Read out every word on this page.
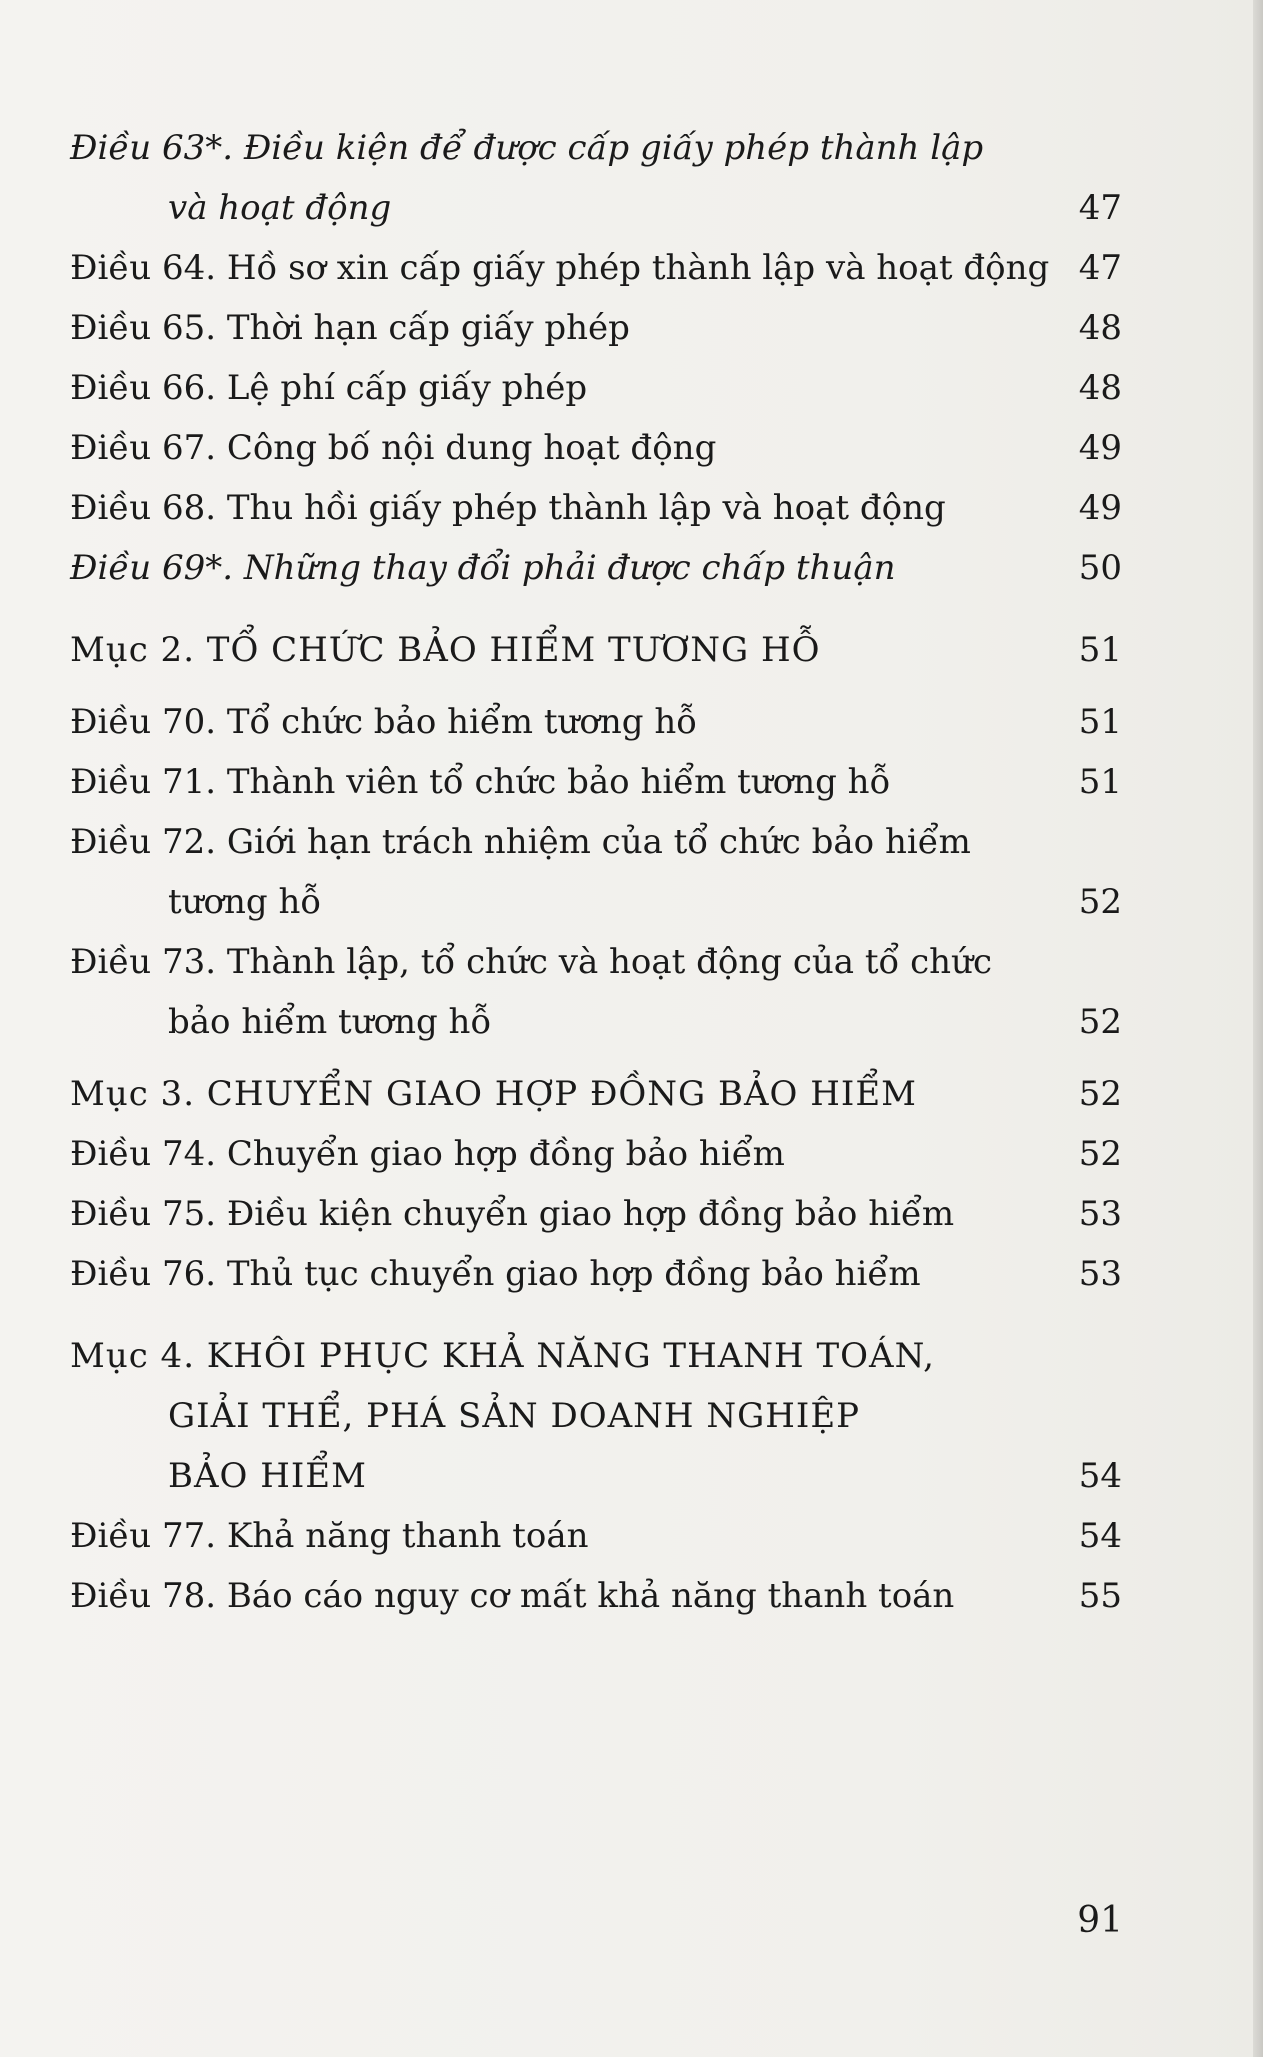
Điều 63*. Điều kiện để được cấp giấy phép thành lập
và hoạt động	47
Điều 64. Hồ sơ xin cấp giấy phép thành lập và hoạt động 47
Điều 65. Thời hạn cấp giấy phép	48
Điều 66. Lệ phí cấp giấy phép	48
Điều 67. Công bố nội dung hoạt động	49
Điều 68. Thu hồi giấy phép thành lập và hoạt động	49
Điều 69*. Những thay đổi phải được chấp thuận	50
Mục 2. TỔ CHỨC BẢO HIỂM TƯƠNG HỖ	51
Điều 70. Tổ chức bảo hiểm tương hỗ	51
Điều 71. Thành viên tổ chức bảo hiểm tương hỗ	51
Điều 72. Giới hạn trách nhiệm của tổ chức bảo hiểm
tương hỗ	52
Điều 73. Thành lập, tổ chức và hoạt động của tổ chức
bảo hiểm tương hỗ	52
Mục 3. CHUYỂN GIAO HỢP ĐỒNG BẢO HIỂM	52
Điều 74. Chuyển giao hợp đồng bảo hiểm	52
Điều 75. Điều kiện chuyển giao hợp đồng bảo hiểm	53
Điều 76. Thủ tục chuyển giao hợp đồng bảo hiểm	53
Mục 4. KHÔI PHỤC KHẢ NĂNG THANH TOÁN,
GIẢI THỂ, PHÁ SẢN DOANH NGHIỆP
BẢO HIỂM	54
Điều 77. Khả năng thanh toán	54
Điều 78. Báo cáo nguy cơ mất khả năng thanh toán	55
91
